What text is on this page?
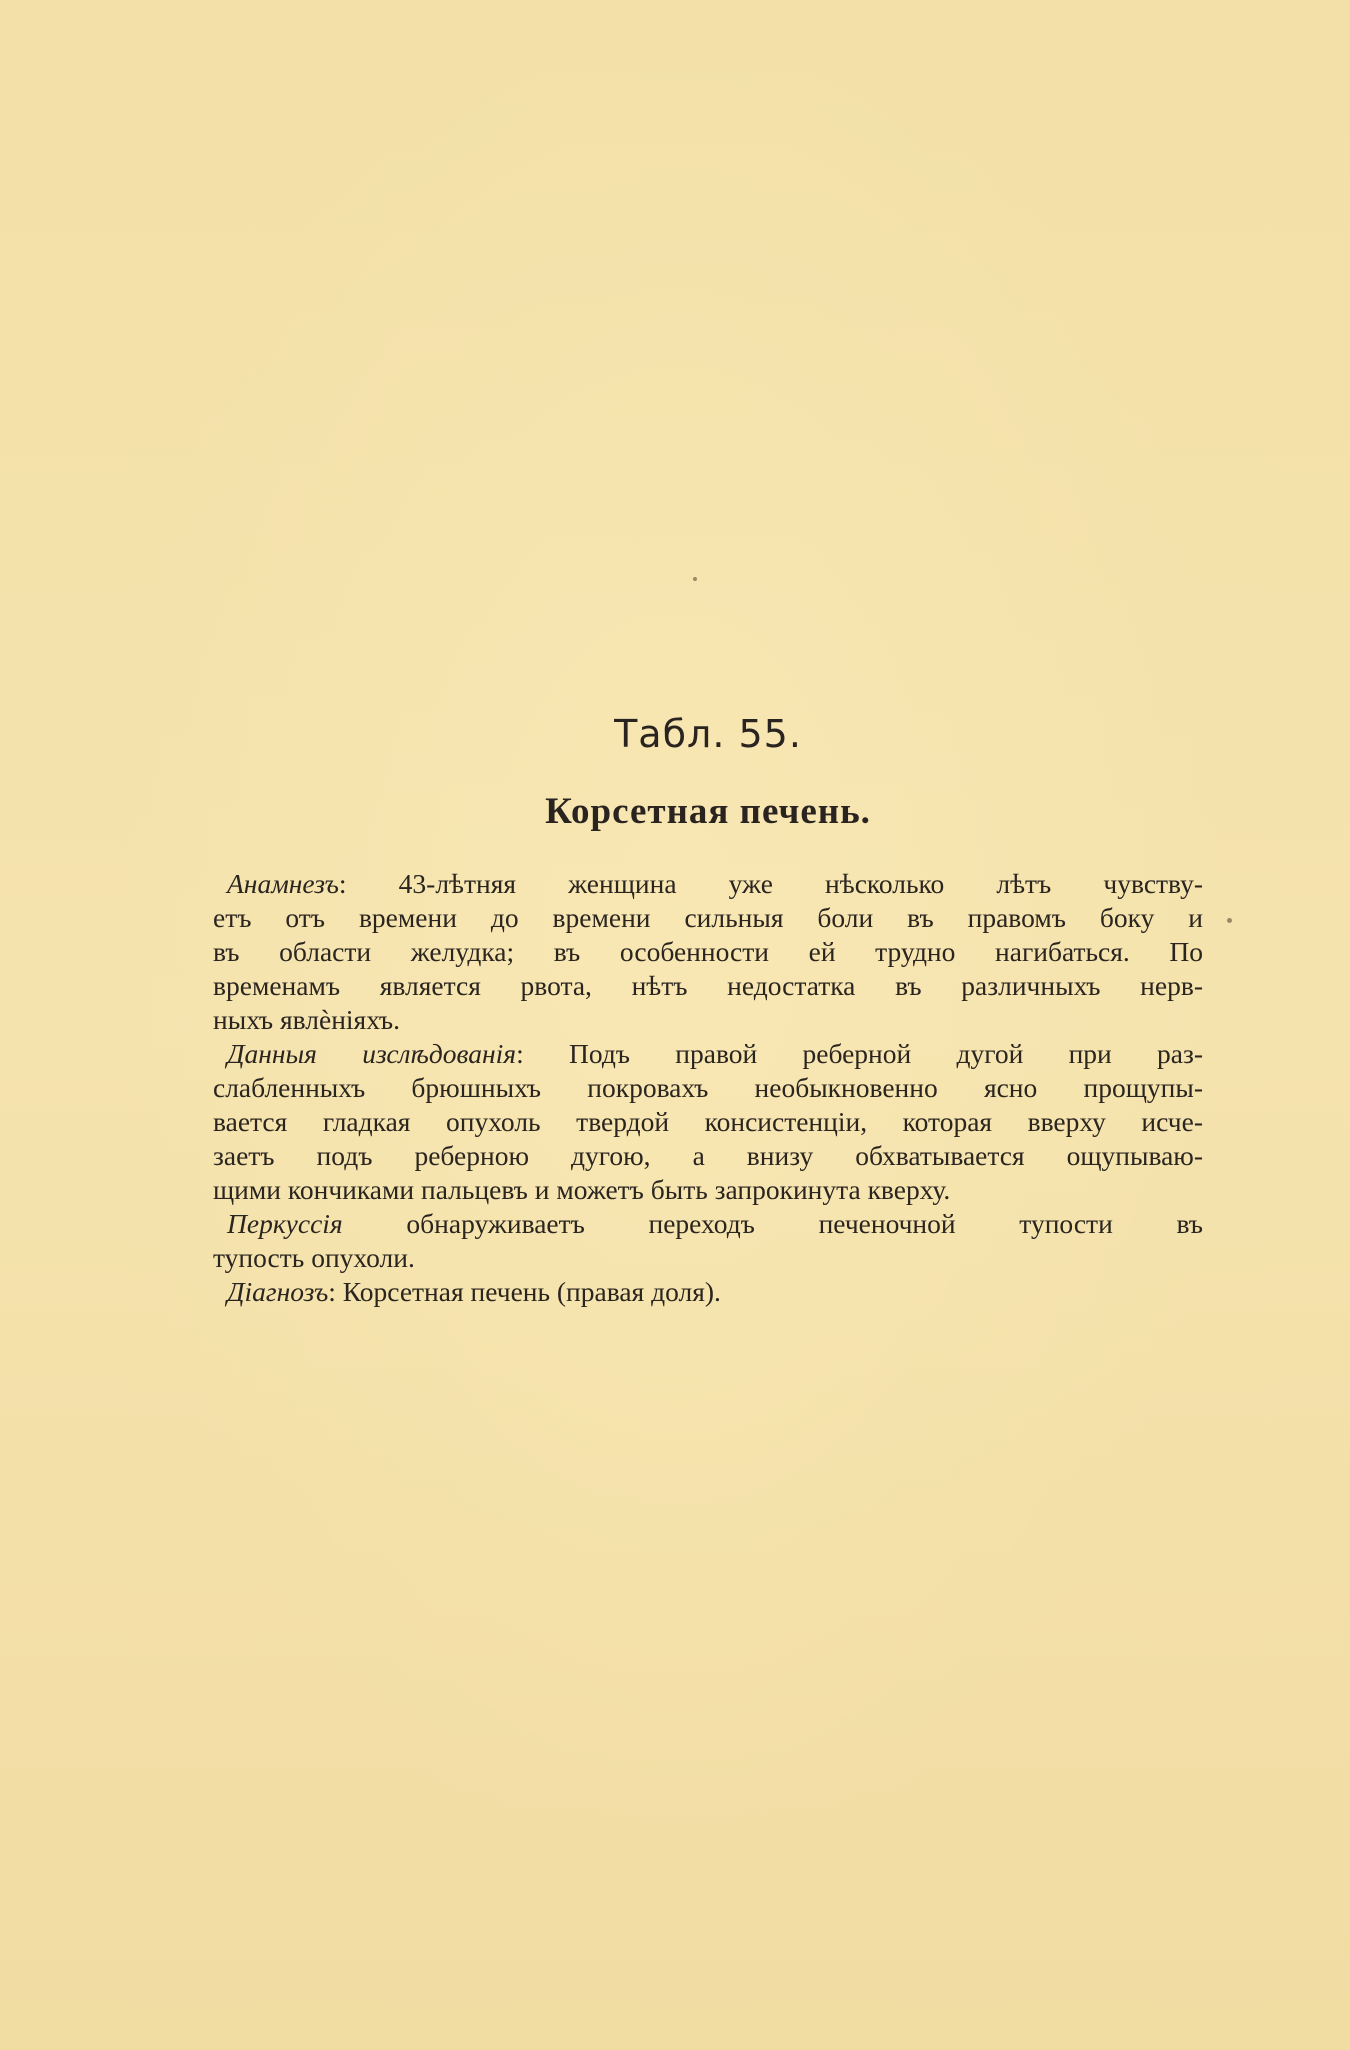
Табл. 55.
Корсетная печень.

Анамнезъ: 43-лѣтняя женщина уже нѣсколько лѣтъ чувству-
етъ отъ времени до времени сильныя боли въ правомъ боку и
въ области желудка; въ особенности ей трудно нагибаться. По
временамъ является рвота, нѣтъ недостатка въ различныхъ нерв-
ныхъ явлѐніяхъ.

Данныя изслѣдованія: Подъ правой реберной дугой при раз-
слабленныхъ брюшныхъ покровахъ необыкновенно ясно прощупы-
вается гладкая опухоль твердой консистенціи, которая вверху исче-
заетъ подъ реберною дугою, а внизу обхватывается ощупываю-
щими кончиками пальцевъ и можетъ быть запрокинута кверху.

Перкуссія обнаруживаетъ переходъ печеночной тупости въ
тупость опухоли.

Діагнозъ: Корсетная печень (правая доля).
